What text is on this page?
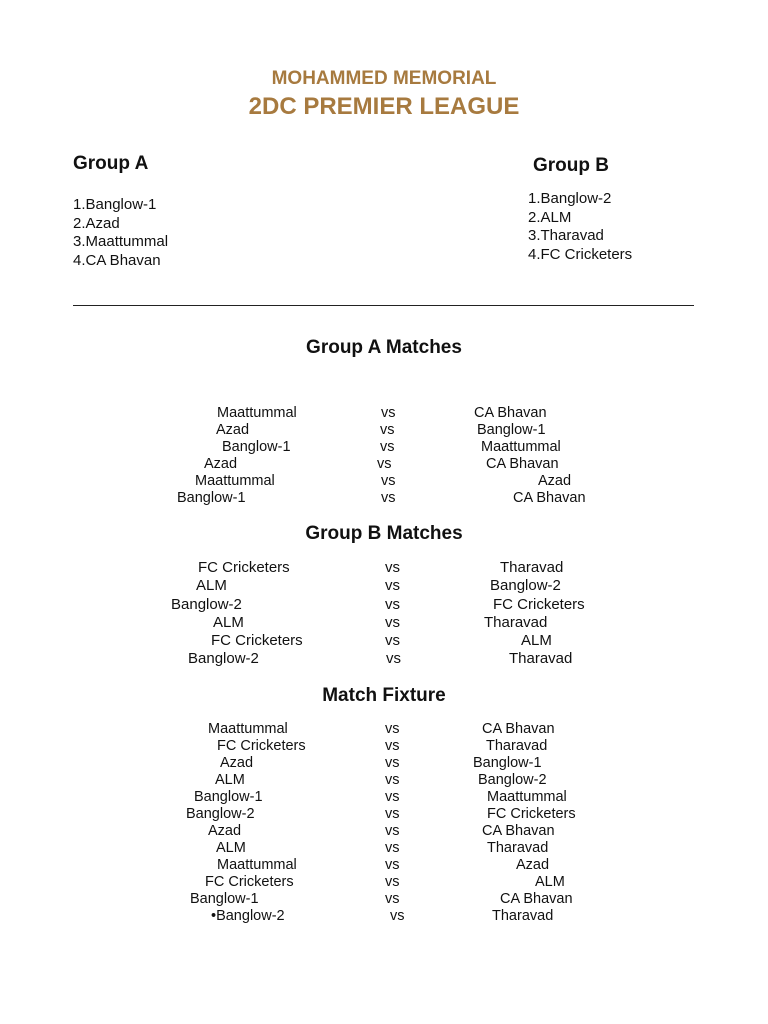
MOHAMMED MEMORIAL
2DC PREMIER LEAGUE
Group A
1.Banglow-1
2.Azad
3.Maattummal
4.CA Bhavan
Group B
1.Banglow-2
2.ALM
3.Tharavad
4.FC Cricketers
Group A Matches
Maattummal	vs	CA Bhavan
Azad	vs	Banglow-1
Banglow-1	vs	Maattummal
Azad	vs	CA Bhavan
Maattummal	vs	Azad
Banglow-1	vs	CA Bhavan
Group B Matches
FC Cricketers	vs	Tharavad
ALM	vs	Banglow-2
Banglow-2	vs	FC Cricketers
ALM	vs	Tharavad
FC Cricketers	vs	ALM
Banglow-2	vs	Tharavad
Match Fixture
Maattummal	vs	CA Bhavan
FC Cricketers	vs	Tharavad
Azad	vs	Banglow-1
ALM	vs	Banglow-2
Banglow-1	vs	Maattummal
Banglow-2	vs	FC Cricketers
Azad	vs	CA Bhavan
ALM	vs	Tharavad
Maattummal	vs	Azad
FC Cricketers	vs	ALM
Banglow-1	vs	CA Bhavan
•Banglow-2	vs	Tharavad
